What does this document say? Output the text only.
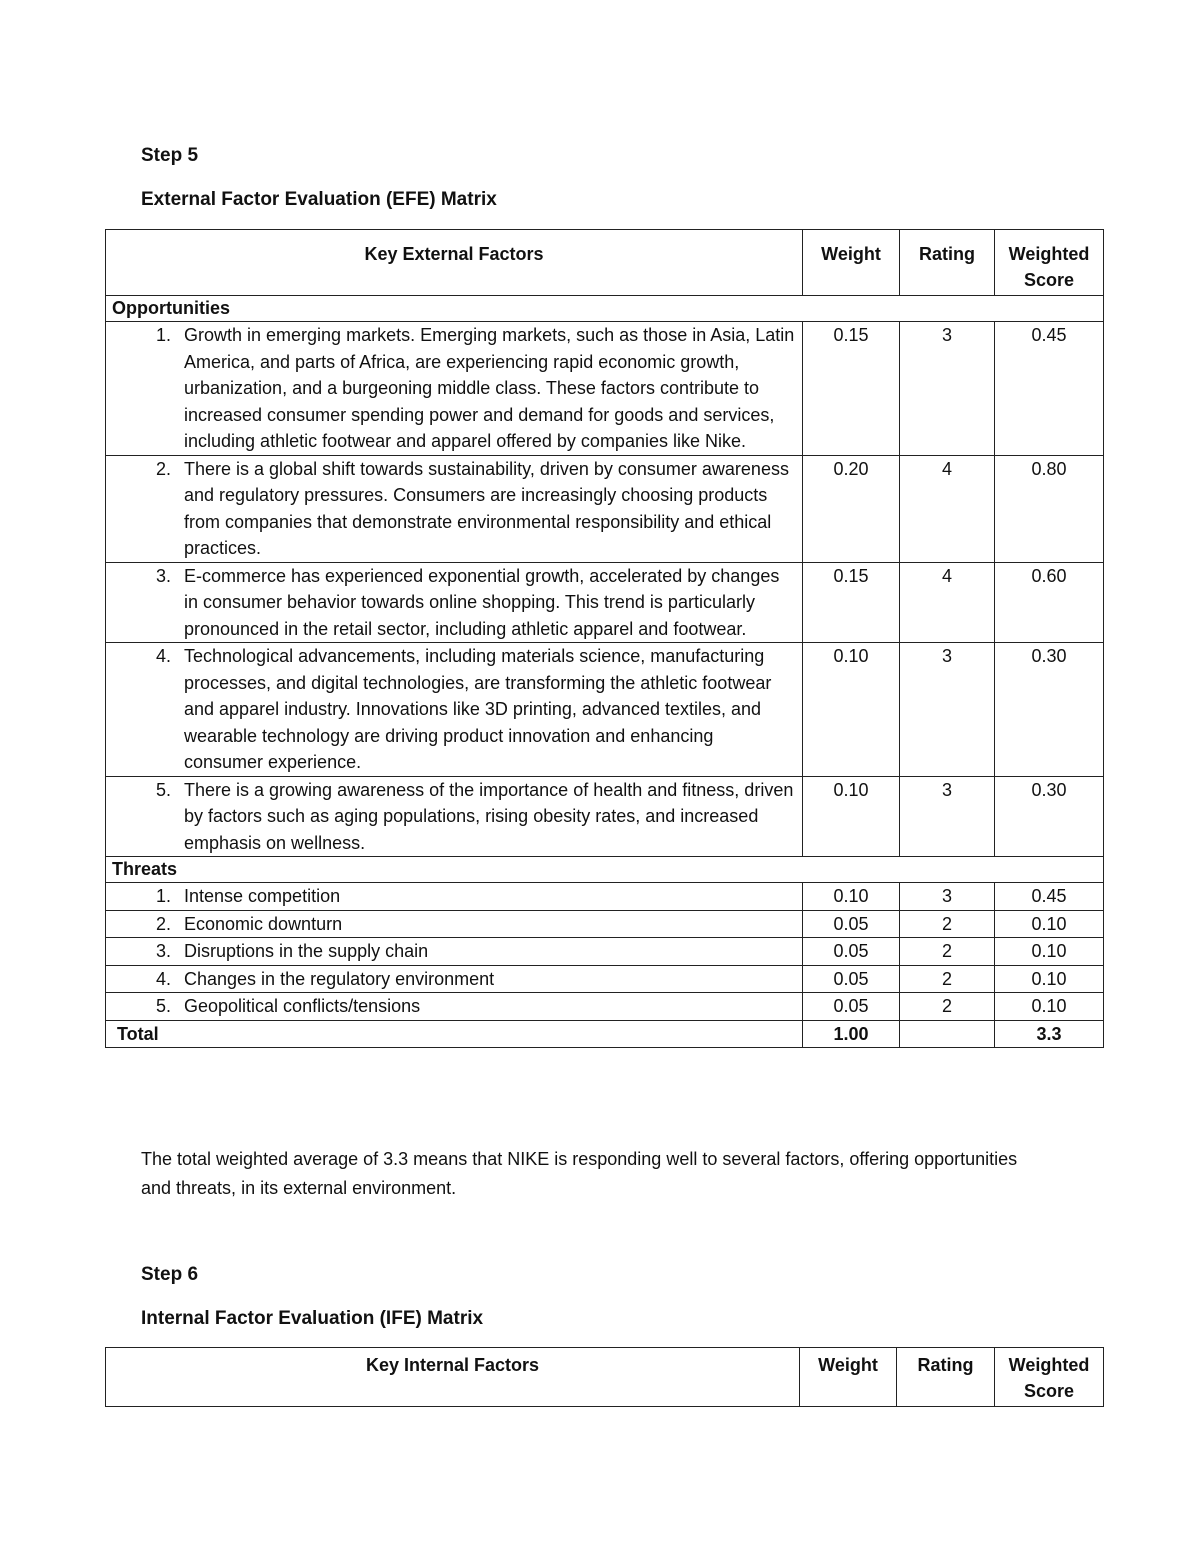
Step 5
External Factor Evaluation (EFE) Matrix
Key External Factors	Weight	Rating	Weighted Score
Opportunities			

1. Growth in emerging markets. Emerging markets, such as those in Asia, Latin America, and parts of Africa, are experiencing rapid economic growth, urbanization, and a burgeoning middle class. These factors contribute to increased consumer spending power and demand for goods and services, including athletic footwear and apparel offered by companies like Nike.	0.15	3	0.45

2. There is a global shift towards sustainability, driven by consumer awareness and regulatory pressures. Consumers are increasingly choosing products from companies that demonstrate environmental responsibility and ethical practices.	0.20	4	0.80

3. E-commerce has experienced exponential growth, accelerated by changes in consumer behavior towards online shopping. This trend is particularly pronounced in the retail sector, including athletic apparel and footwear.	0.15	4	0.60

4. Technological advancements, including materials science, manufacturing processes, and digital technologies, are transforming the athletic footwear and apparel industry. Innovations like 3D printing, advanced textiles, and wearable technology are driving product innovation and enhancing consumer experience.	0.10	3	0.30

5. There is a growing awareness of the importance of health and fitness, driven by factors such as aging populations, rising obesity rates, and increased emphasis on wellness.	0.10	3	0.30
Threats			

1. Intense competition	0.10	3	0.45

2. Economic downturn	0.05	2	0.10

3. Disruptions in the supply chain	0.05	2	0.10

4. Changes in the regulatory environment	0.05	2	0.10

5. Geopolitical conflicts/tensions	0.05	2	0.10
Total	1.00		3.3

The total weighted average of 3.3 means that NIKE is responding well to several factors, offering opportunities and threats, in its external environment.

Step 6
Internal Factor Evaluation (IFE) Matrix
Key Internal Factors	Weight	Rating	Weighted Score
